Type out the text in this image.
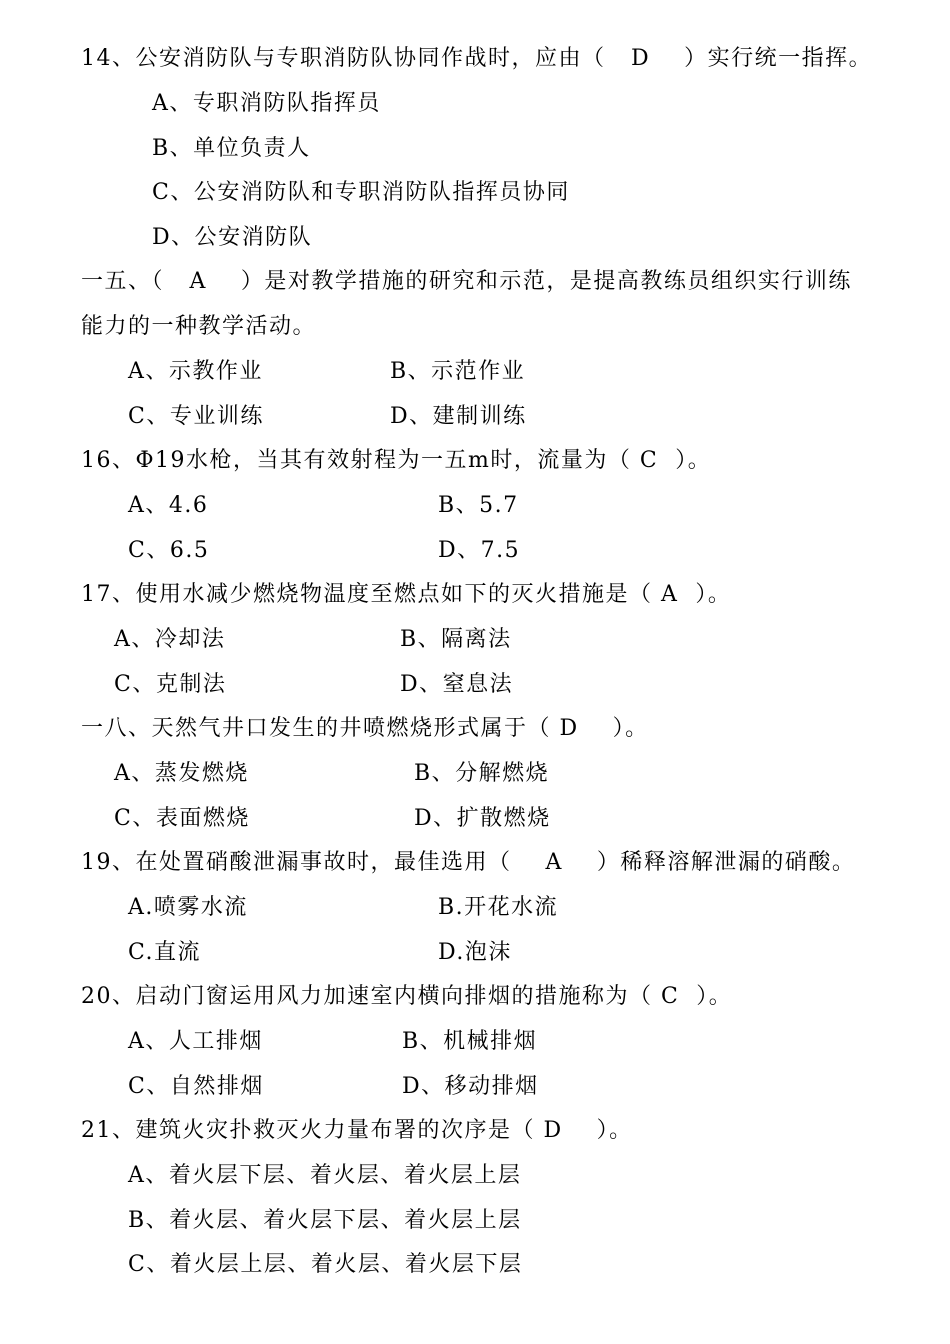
14、公安消防队与专职消防队协同作战时，应由（   D    ）实行统一指挥。
A、专职消防队指挥员
B、单位负责人
C、公安消防队和专职消防队指挥员协同
D、公安消防队
一五、（   A    ）是对教学措施的研究和示范，是提高教练员组织实行训练
能力的一种教学活动。
A、示教作业	B、示范作业
C、专业训练	D、建制训练
16、Φ19水枪，当其有效射程为一五m时，流量为（ C  ）。
A、4.6	B、5.7
C、6.5	D、7.5
17、使用水减少燃烧物温度至燃点如下的灭火措施是（ A  ）。
A、冷却法	B、隔离法
C、克制法	D、窒息法
一八、天然气井口发生的井喷燃烧形式属于（ D    ）。
A、蒸发燃烧	B、分解燃烧
C、表面燃烧	D、扩散燃烧
19、在处置硝酸泄漏事故时，最佳选用（    A    ）稀释溶解泄漏的硝酸。
A.喷雾水流	B.开花水流
C.直流	D.泡沫
20、启动门窗运用风力加速室内横向排烟的措施称为（ C  ）。
A、人工排烟	B、机械排烟
C、自然排烟	D、移动排烟
21、建筑火灾扑救灭火力量布署的次序是（ D    ）。
A、着火层下层、着火层、着火层上层
B、着火层、着火层下层、着火层上层
C、着火层上层、着火层、着火层下层
